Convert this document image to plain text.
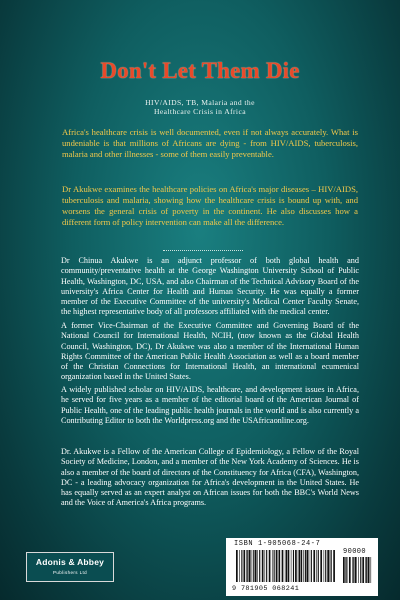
Don't Let Them Die
HIV/AIDS, TB, Malaria and the
Healthcare Crisis in Africa

Africa's healthcare crisis is well documented, even if not always accurately. What is undeniable is that millions of Africans are dying - from HIV/AIDS, tuberculosis, malaria and other illnesses - some of them easily preventable.

Dr Akukwe examines the healthcare policies on Africa's major diseases – HIV/AIDS, tuberculosis and malaria, showing how the healthcare crisis is bound up with, and worsens the general crisis of poverty in the continent. He also discusses how a different form of policy intervention can make all the difference.

Dr Chinua Akukwe is an adjunct professor of both global health and community/preventative health at the George Washington University School of Public Health, Washington, DC, USA, and also Chairman of the Technical Advisory Board of the university's Africa Center for Health and Human Security. He was equally a former member of the Executive Committee of the university's Medical Center Faculty Senate, the highest representative body of all professors affiliated with the medical center.

A former Vice-Chairman of the Executive Committee and Governing Board of the National Council for International Health, NCIH, (now known as the Global Health Council, Washington, DC), Dr Akukwe was also a member of the International Human Rights Committee of the American Public Health Association as well as a board member of the Christian Connections for International Health, an international ecumenical organization based in the United States.

A widely published scholar on HIV/AIDS, healthcare, and development issues in Africa, he served for five years as a member of the editorial board of the American Journal of Public Health, one of the leading public health journals in the world and is also currently a Contributing Editor to both the Worldpress.org and the USAfricaonline.org.

Dr. Akukwe is a Fellow of the American College of Epidemiology, a Fellow of the Royal Society of Medicine, London, and a member of the New York Academy of Sciences. He is also a member of the board of directors of the Constituency for Africa (CFA), Washington, DC - a leading advocacy organization for Africa's development in the United States. He has equally served as an expert analyst on African issues for both the BBC's World News and the Voice of America's Africa programs.

Adonis & Abbey
Publishers Ltd
ISBN 1-905068-24-7
90000
9 781905 068241
